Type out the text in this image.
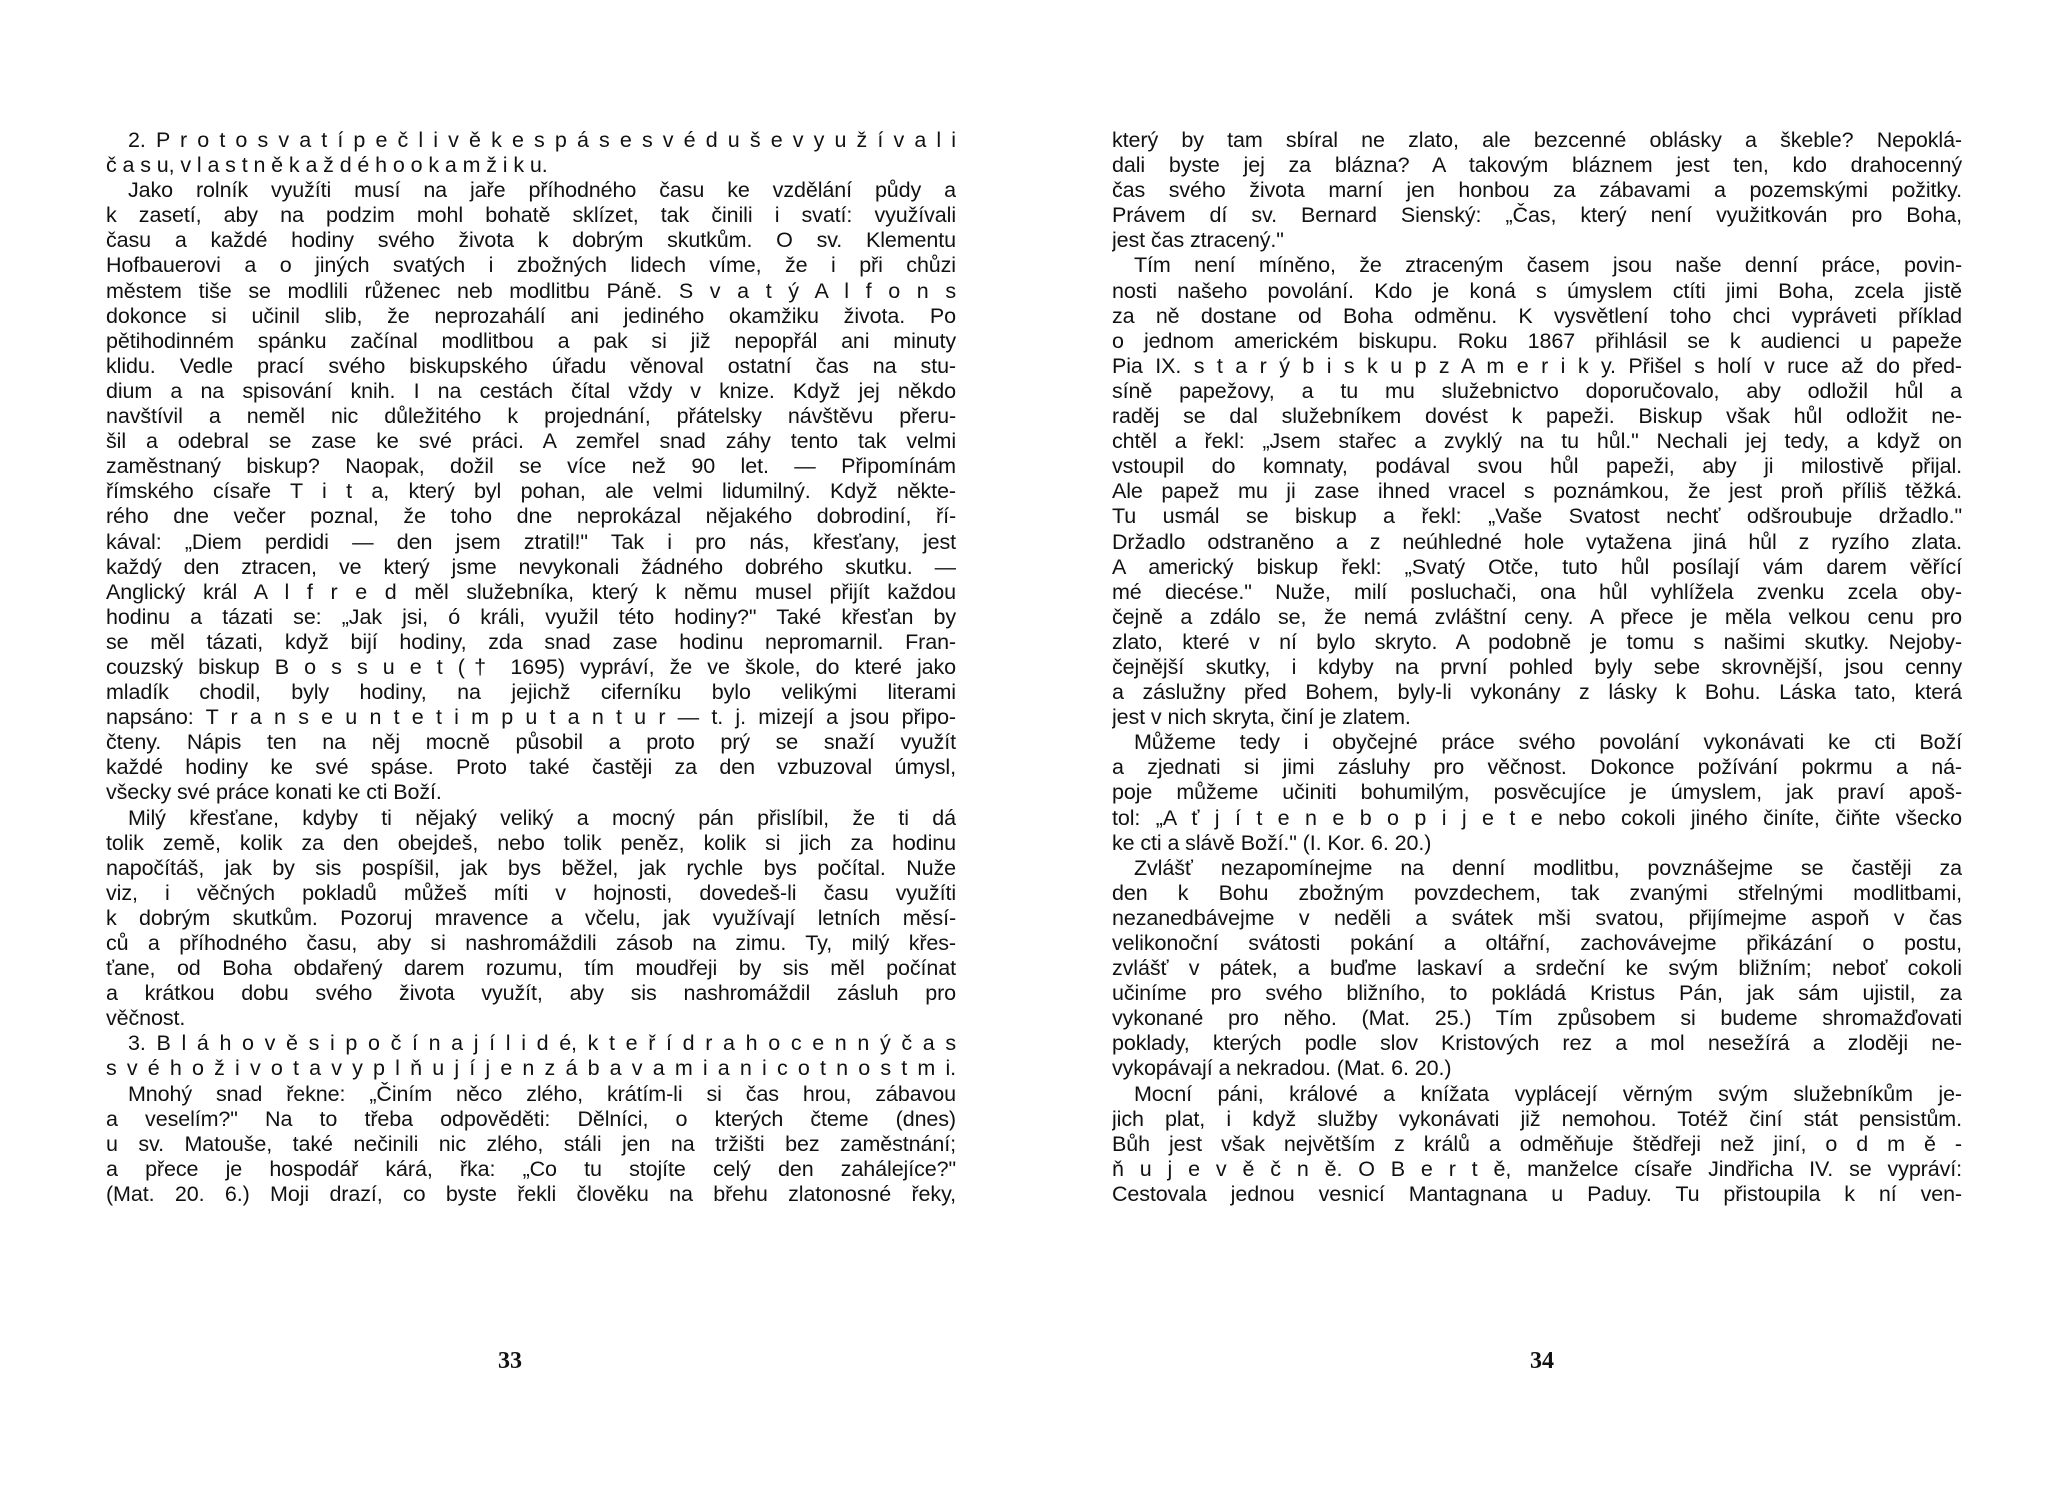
2. P r o t o s v a t í p e č l i v ě k e s p á s e s v é d u š e v y u ž í v a l i
č a s u, v l a s t n ě k a ž d é h o o k a m ž i k u.
Jako rolník využíti musí na jaře příhodného času ke vzdělání půdy a
k zasetí, aby na podzim mohl bohatě sklízet, tak činili i svatí: využívali
času a každé hodiny svého života k dobrým skutkům. O sv. Klementu
Hofbauerovi a o jiných svatých i zbožných lidech víme, že i při chůzi
městem tiše se modlili růženec neb modlitbu Páně. S v a t ý A l f o n s
dokonce si učinil slib, že neprozahálí ani jediného okamžiku života. Po
pětihodinném spánku začínal modlitbou a pak si již nepopřál ani minuty
klidu. Vedle prací svého biskupského úřadu věnoval ostatní čas na stu-
dium a na spisování knih. I na cestách čítal vždy v knize. Když jej někdo
navštívil a neměl nic důležitého k projednání, přátelsky návštěvu přeru-
šil a odebral se zase ke své práci. A zemřel snad záhy tento tak velmi
zaměstnaný biskup? Naopak, dožil se více než 90 let. — Připomínám
římského císaře T i t a, který byl pohan, ale velmi lidumilný. Když někte-
rého dne večer poznal, že toho dne neprokázal nějakého dobrodiní, ří-
kával: „Diem perdidi — den jsem ztratil!" Tak i pro nás, křesťany, jest
každý den ztracen, ve který jsme nevykonali žádného dobrého skutku. —
Anglický král A l f r e d měl služebníka, který k němu musel přijít každou
hodinu a tázati se: „Jak jsi, ó králi, využil této hodiny?" Také křesťan by
se měl tázati, když bijí hodiny, zda snad zase hodinu nepromarnil. Fran-
couzský biskup B o s s u e t († 1695) vypráví, že ve škole, do které jako
mladík chodil, byly hodiny, na jejichž ciferníku bylo velikými literami
napsáno: T r a n s e u n t e t i m p u t a n t u r — t. j. mizejí a jsou připo-
čteny. Nápis ten na něj mocně působil a proto prý se snaží využít
každé hodiny ke své spáse. Proto také častěji za den vzbuzoval úmysl,
všecky své práce konati ke cti Boží.
Milý křesťane, kdyby ti nějaký veliký a mocný pán přislíbil, že ti dá
tolik země, kolik za den obejdeš, nebo tolik peněz, kolik si jich za hodinu
napočítáš, jak by sis pospíšil, jak bys běžel, jak rychle bys počítal. Nuže
viz, i věčných pokladů můžeš míti v hojnosti, dovedeš-li času využíti
k dobrým skutkům. Pozoruj mravence a včelu, jak využívají letních měsí-
ců a příhodného času, aby si nashromáždili zásob na zimu. Ty, milý křes-
ťane, od Boha obdařený darem rozumu, tím moudřeji by sis měl počínat
a krátkou dobu svého života využít, aby sis nashromáždil zásluh pro
věčnost.
3. B l á h o v ě s i p o č í n a j í l i d é, k t e ř í d r a h o c e n n ý č a s
s v é h o ž i v o t a v y p l ň u j í j e n z á b a v a m i a n i c o t n o s t m i.
Mnohý snad řekne: „Činím něco zlého, krátím-li si čas hrou, zábavou
a veselím?" Na to třeba odpověděti: Dělníci, o kterých čteme (dnes)
u sv. Matouše, také nečinili nic zlého, stáli jen na tržišti bez zaměstnání;
a přece je hospodář kárá, řka: „Co tu stojíte celý den zahálejíce?"
(Mat. 20. 6.) Moji drazí, co byste řekli člověku na břehu zlatonosné řeky,
který by tam sbíral ne zlato, ale bezcenné oblásky a škeble? Nepoklá-
dali byste jej za blázna? A takovým bláznem jest ten, kdo drahocenný
čas svého života marní jen honbou za zábavami a pozemskými požitky.
Právem dí sv. Bernard Sienský: „Čas, který není využitkován pro Boha,
jest čas ztracený."
Tím není míněno, že ztraceným časem jsou naše denní práce, povin-
nosti našeho povolání. Kdo je koná s úmyslem ctíti jimi Boha, zcela jistě
za ně dostane od Boha odměnu. K vysvětlení toho chci vypráveti příklad
o jednom americkém biskupu. Roku 1867 přihlásil se k audienci u papeže
Pia IX. s t a r ý b i s k u p z A m e r i k y. Přišel s holí v ruce až do před-
síně papežovy, a tu mu služebnictvo doporučovalo, aby odložil hůl a
raděj se dal služebníkem dovést k papeži. Biskup však hůl odložit ne-
chtěl a řekl: „Jsem stařec a zvyklý na tu hůl." Nechali jej tedy, a když on
vstoupil do komnaty, podával svou hůl papeži, aby ji milostivě přijal.
Ale papež mu ji zase ihned vracel s poznámkou, že jest proň příliš těžká.
Tu usmál se biskup a řekl: „Vaše Svatost nechť odšroubuje držadlo."
Držadlo odstraněno a z neúhledné hole vytažena jiná hůl z ryzího zlata.
A americký biskup řekl: „Svatý Otče, tuto hůl posílají vám darem věřící
mé diecése." Nuže, milí posluchači, ona hůl vyhlížela zvenku zcela oby-
čejně a zdálo se, že nemá zvláštní ceny. A přece je měla velkou cenu pro
zlato, které v ní bylo skryto. A podobně je tomu s našimi skutky. Nejoby-
čejnější skutky, i kdyby na první pohled byly sebe skrovnější, jsou cenny
a záslužny před Bohem, byly-li vykonány z lásky k Bohu. Láska tato, která
jest v nich skryta, činí je zlatem.
Můžeme tedy i obyčejné práce svého povolání vykonávati ke cti Boží
a zjednati si jimi zásluhy pro věčnost. Dokonce požívání pokrmu a ná-
poje můžeme učiniti bohumilým, posvěcujíce je úmyslem, jak praví apoš-
tol: „A ť j í t e n e b o p i j e t e nebo cokoli jiného činíte, čiňte všecko
ke cti a slávě Boží." (I. Kor. 6. 20.)
Zvlášť nezapomínejme na denní modlitbu, povznášejme se častěji za
den k Bohu zbožným povzdechem, tak zvanými střelnými modlitbami,
nezanedbávejme v neděli a svátek mši svatou, přijímejme aspoň v čas
velikonoční svátosti pokání a oltářní, zachovávejme přikázání o postu,
zvlášť v pátek, a buďme laskaví a srdeční ke svým bližním; neboť cokoli
učiníme pro svého bližního, to pokládá Kristus Pán, jak sám ujistil, za
vykonané pro něho. (Mat. 25.) Tím způsobem si budeme shromažďovati
poklady, kterých podle slov Kristových rez a mol nesežírá a zloději ne-
vykopávají a nekradou. (Mat. 6. 20.)
Mocní páni, králové a knížata vyplácejí věrným svým služebníkům je-
jich plat, i když služby vykonávati již nemohou. Totéž činí stát pensistům.
Bůh jest však největším z králů a odměňuje štědřeji než jiní, o d m ě -
ň u j e v ě č n ě. O B e r t ě, manželce císaře Jindřicha IV. se vypráví:
Cestovala jednou vesnicí Mantagnana u Paduy. Tu přistoupila k ní ven-
33	34
